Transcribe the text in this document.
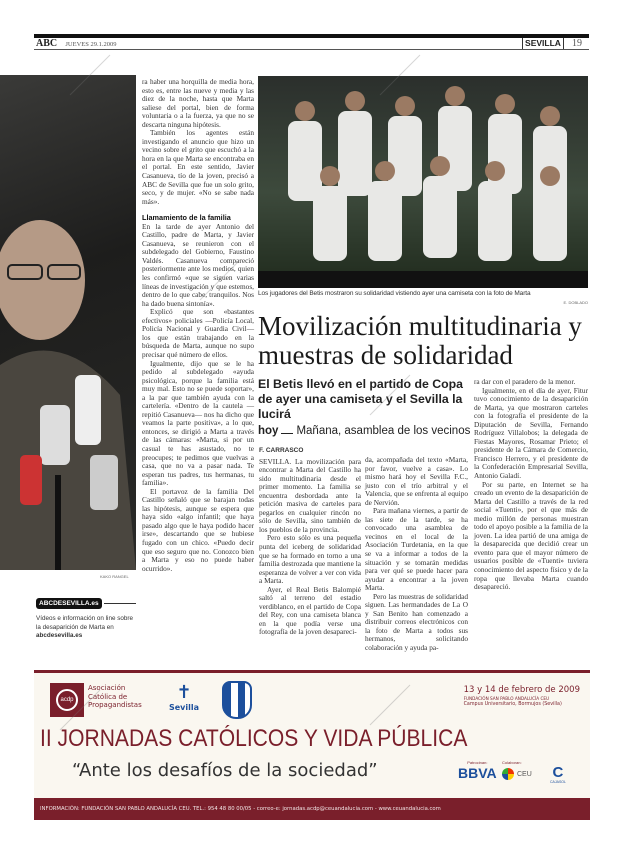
ABC JUEVES 29.1.2009	SEVILLA	19
KAKO RANGEL
ABCDESEVILLA.es
Vídeos e información on line sobre la desaparición de Marta en
abcdesevilla.es

ra haber una horquilla de media hora, esto es, entre las nueve y media y las diez de la noche, hasta que Marta saliese del portal, bien de forma voluntaria o a la fuerza, ya que no se descarta ninguna hipótesis.

También los agentes están investigando el anuncio que hizo un vecino sobre el grito que escuchó a la hora en la que Marta se encontraba en el portal. En este sentido, Javier Casanueva, tío de la joven, precisó a ABC de Sevilla que fue un solo grito, seco, y de mujer. «No se sabe nada más».

Llamamiento de la familia

En la tarde de ayer Antonio del Castillo, padre de Marta, y Javier Casanueva, se reunieron con el subdelegado del Gobierno, Faustino Valdés. Casanueva compareció posteriormente ante los medios, quien les confirmó «que se siguen varias líneas de investigación y que estemos, dentro de lo que cabe, tranquilos. Nos ha dado buena sintonía».

Explicó que son «bastantes efectivos» policiales —Policía Local, Policía Nacional y Guardia Civil— los que están trabajando en la búsqueda de Marta, aunque no supo precisar qué número de ellos.

Igualmente, dijo que se le ha pedido al subdelegado «ayuda psicológica, porque la familia está muy mal. Esto no se puede soportar», a la par que también ayuda con la cartelería. «Dentro de la cautela —repitió Casanueva— nos ha dicho que veamos la parte positiva», a lo que, entonces, se dirigió a Marta a través de las cámaras: «Marta, si por un casual te has asustado, no te preocupes; te pedimos que vuelvas a casa, que no va a pasar nada. Te esperan tus padres, tus hermanas, tu familia».

El portavoz de la familia Del Castillo señaló que se barajan todas las hipótesis, aunque se espera que haya sido «algo infantil; que haya pasado algo que le haya podido hacer irse», descartando que se hubiese fugado con un chico. «Puedo decir que eso seguro que no. Conozco bien a Marta y eso no puede haber ocurrido».

Los jugadores del Betis mostraron su solidaridad vistiendo ayer una camiseta con la foto de Marta
E. DOBLADO
Movilización multitudinaria y muestras de solidaridad
El Betis llevó en el partido de Copa de ayer una camiseta y el Sevilla la lucirá
hoy Mañana, asamblea de los vecinos
F. CARRASCO

SEVILLA. La movilización para encontrar a Marta del Castillo ha sido multitudinaria desde el primer momento. La familia se encuentra desbordada ante la petición masiva de carteles para pegarlos en cualquier rincón no sólo de Sevilla, sino también de los pueblos de la provincia.

Pero esto sólo es una pequeña punta del iceberg de solidaridad que se ha formado en torno a una familia destrozada que mantiene la esperanza de volver a ver con vida a Marta.

Ayer, el Real Betis Balompié saltó al terreno del estadio verdiblanco, en el partido de Copa del Rey, con una camiseta blanca en la que podía verse una fotografía de la joven desapareci-

da, acompañada del texto «Marta, por favor, vuelve a casa». Lo mismo hará hoy el Sevilla F.C., justo con el trío arbitral y el Valencia, que se enfrenta al equipo de Nervión.

Para mañana viernes, a partir de las siete de la tarde, se ha convocado una asamblea de vecinos en el local de la Asociación Turdetania, en la que se va a informar a todos de la situación y se tomarán medidas para ver qué se puede hacer para ayudar a encontrar a la joven Marta.

Pero las muestras de solidaridad siguen. Las hermandades de La O y San Benito han comenzado a distribuir correos electrónicos con la foto de Marta a todos sus hermanos, solicitando colaboración y ayuda pa-

ra dar con el paradero de la menor.

Igualmente, en el día de ayer, Fitur tuvo conocimiento de la desaparición de Marta, ya que mostraron carteles con la fotografía el presidente de la Diputación de Sevilla, Fernando Rodríguez Villalobos; la delegada de Fiestas Mayores, Rosamar Prieto; el presidente de la Cámara de Comercio, Francisco Herrero, y el presidente de la Confederación Empresarial Sevilla, Antonio Galadí.

Por su parte, en Internet se ha creado un evento de la desaparición de Marta del Castillo a través de la red social «Tuenti», por el que más de medio millón de personas muestran todo el apoyo posible a la familia de la joven. La idea partió de una amiga de la desaparecida que decidió crear un evento para que el mayor número de usuarios posible de «Tuenti» tuviera conocimiento del aspecto físico y de la ropa que llevaba Marta cuando desapareció.

acdp
Asociación Católica de Propagandistas
✝
Sevilla
13 y 14 de febrero de 2009
FUNDACIÓN SAN PABLO ANDALUCÍA CEU
Campus Universitario, Bormujos (Sevilla)
II JORNADAS CATÓLICOS Y VIDA PÚBLICA
“Ante los desafíos de la sociedad”	Patrocinan:
BBVA
Colaboran:
CEU C
CAJASOL
INFORMACIÓN: FUNDACIÓN SAN PABLO ANDALUCÍA CEU. TEL.: 954 48 80 00/05 - correo-e: jornadas.acdp@ceuandalucia.com - www.ceuandalucia.com
